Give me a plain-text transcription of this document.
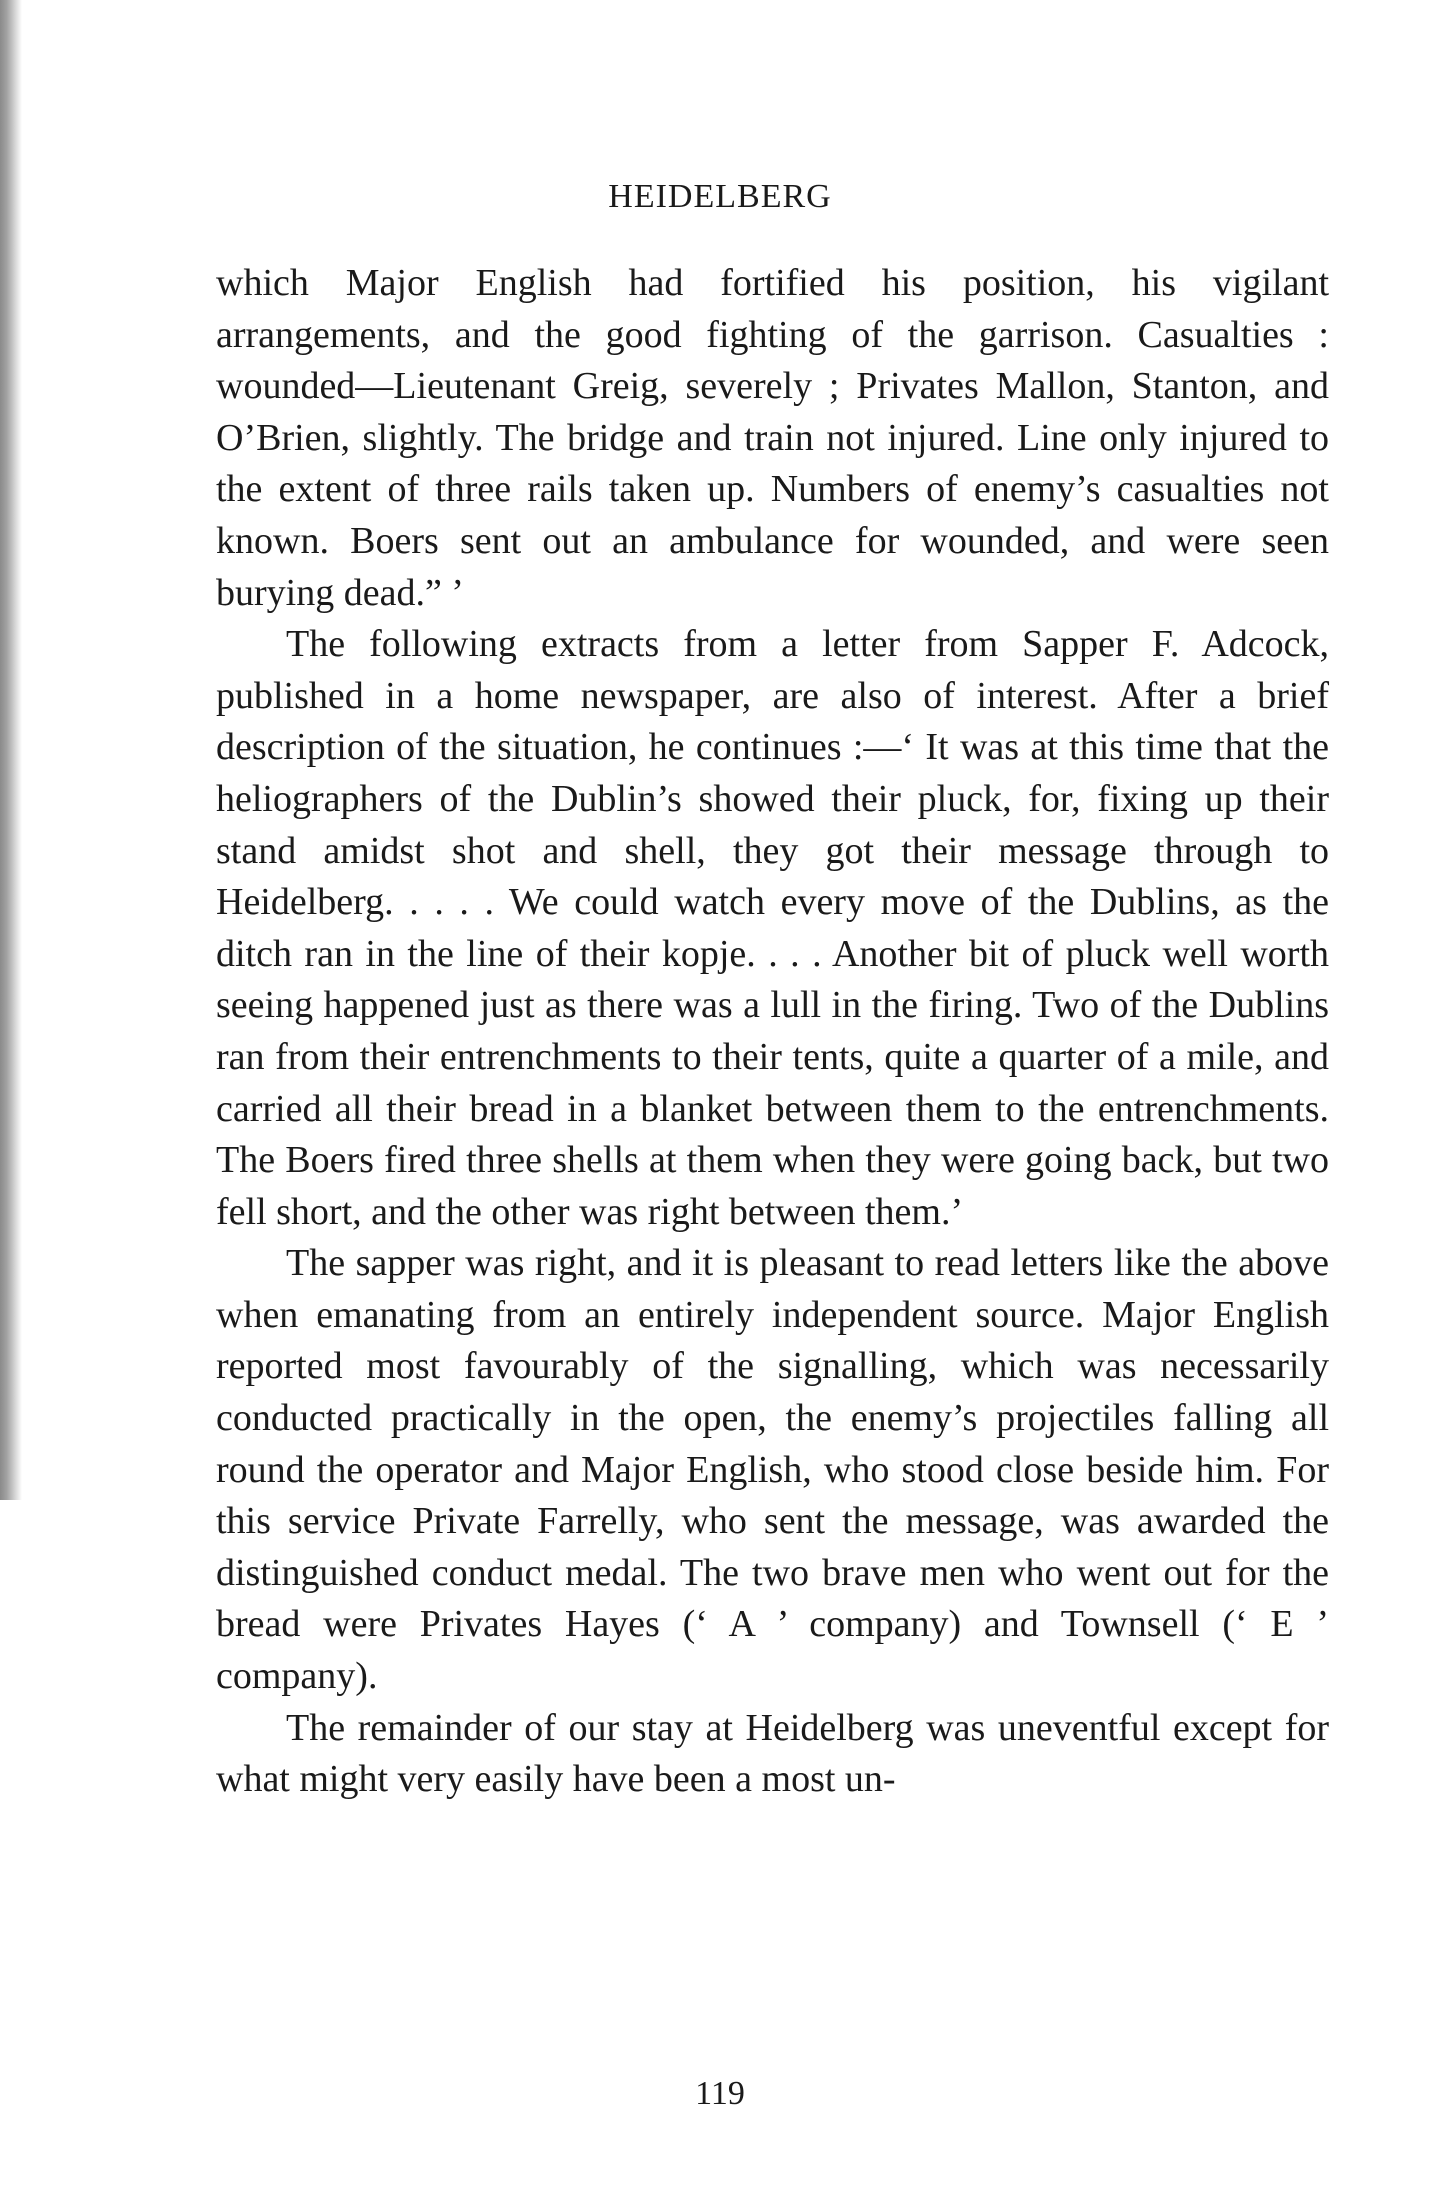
HEIDELBERG

which Major English had fortified his position, his vigilant arrangements, and the good fighting of the garrison. Casualties : wounded—Lieutenant Greig, severely ; Privates Mallon, Stanton, and O’Brien, slightly. The bridge and train not injured. Line only injured to the extent of three rails taken up. Numbers of enemy’s casualties not known. Boers sent out an ambulance for wounded, and were seen burying dead.” ’

The following extracts from a letter from Sapper F. Adcock, published in a home newspaper, are also of interest. After a brief description of the situation, he continues :—‘ It was at this time that the heliographers of the Dublin’s showed their pluck, for, fixing up their stand amidst shot and shell, they got their message through to Heidelberg. . . . . We could watch every move of the Dublins, as the ditch ran in the line of their kopje. . . . Another bit of pluck well worth seeing happened just as there was a lull in the firing. Two of the Dublins ran from their entrenchments to their tents, quite a quarter of a mile, and carried all their bread in a blanket between them to the entrenchments. The Boers fired three shells at them when they were going back, but two fell short, and the other was right between them.’

The sapper was right, and it is pleasant to read letters like the above when emanating from an entirely independent source. Major English reported most favourably of the signalling, which was necessarily conducted practically in the open, the enemy’s projectiles falling all round the operator and Major English, who stood close beside him. For this service Private Farrelly, who sent the message, was awarded the distinguished conduct medal. The two brave men who went out for the bread were Privates Hayes (‘ A ’ company) and Townsell (‘ E ’ company).

The remainder of our stay at Heidelberg was uneventful except for what might very easily have been a most un-

119
